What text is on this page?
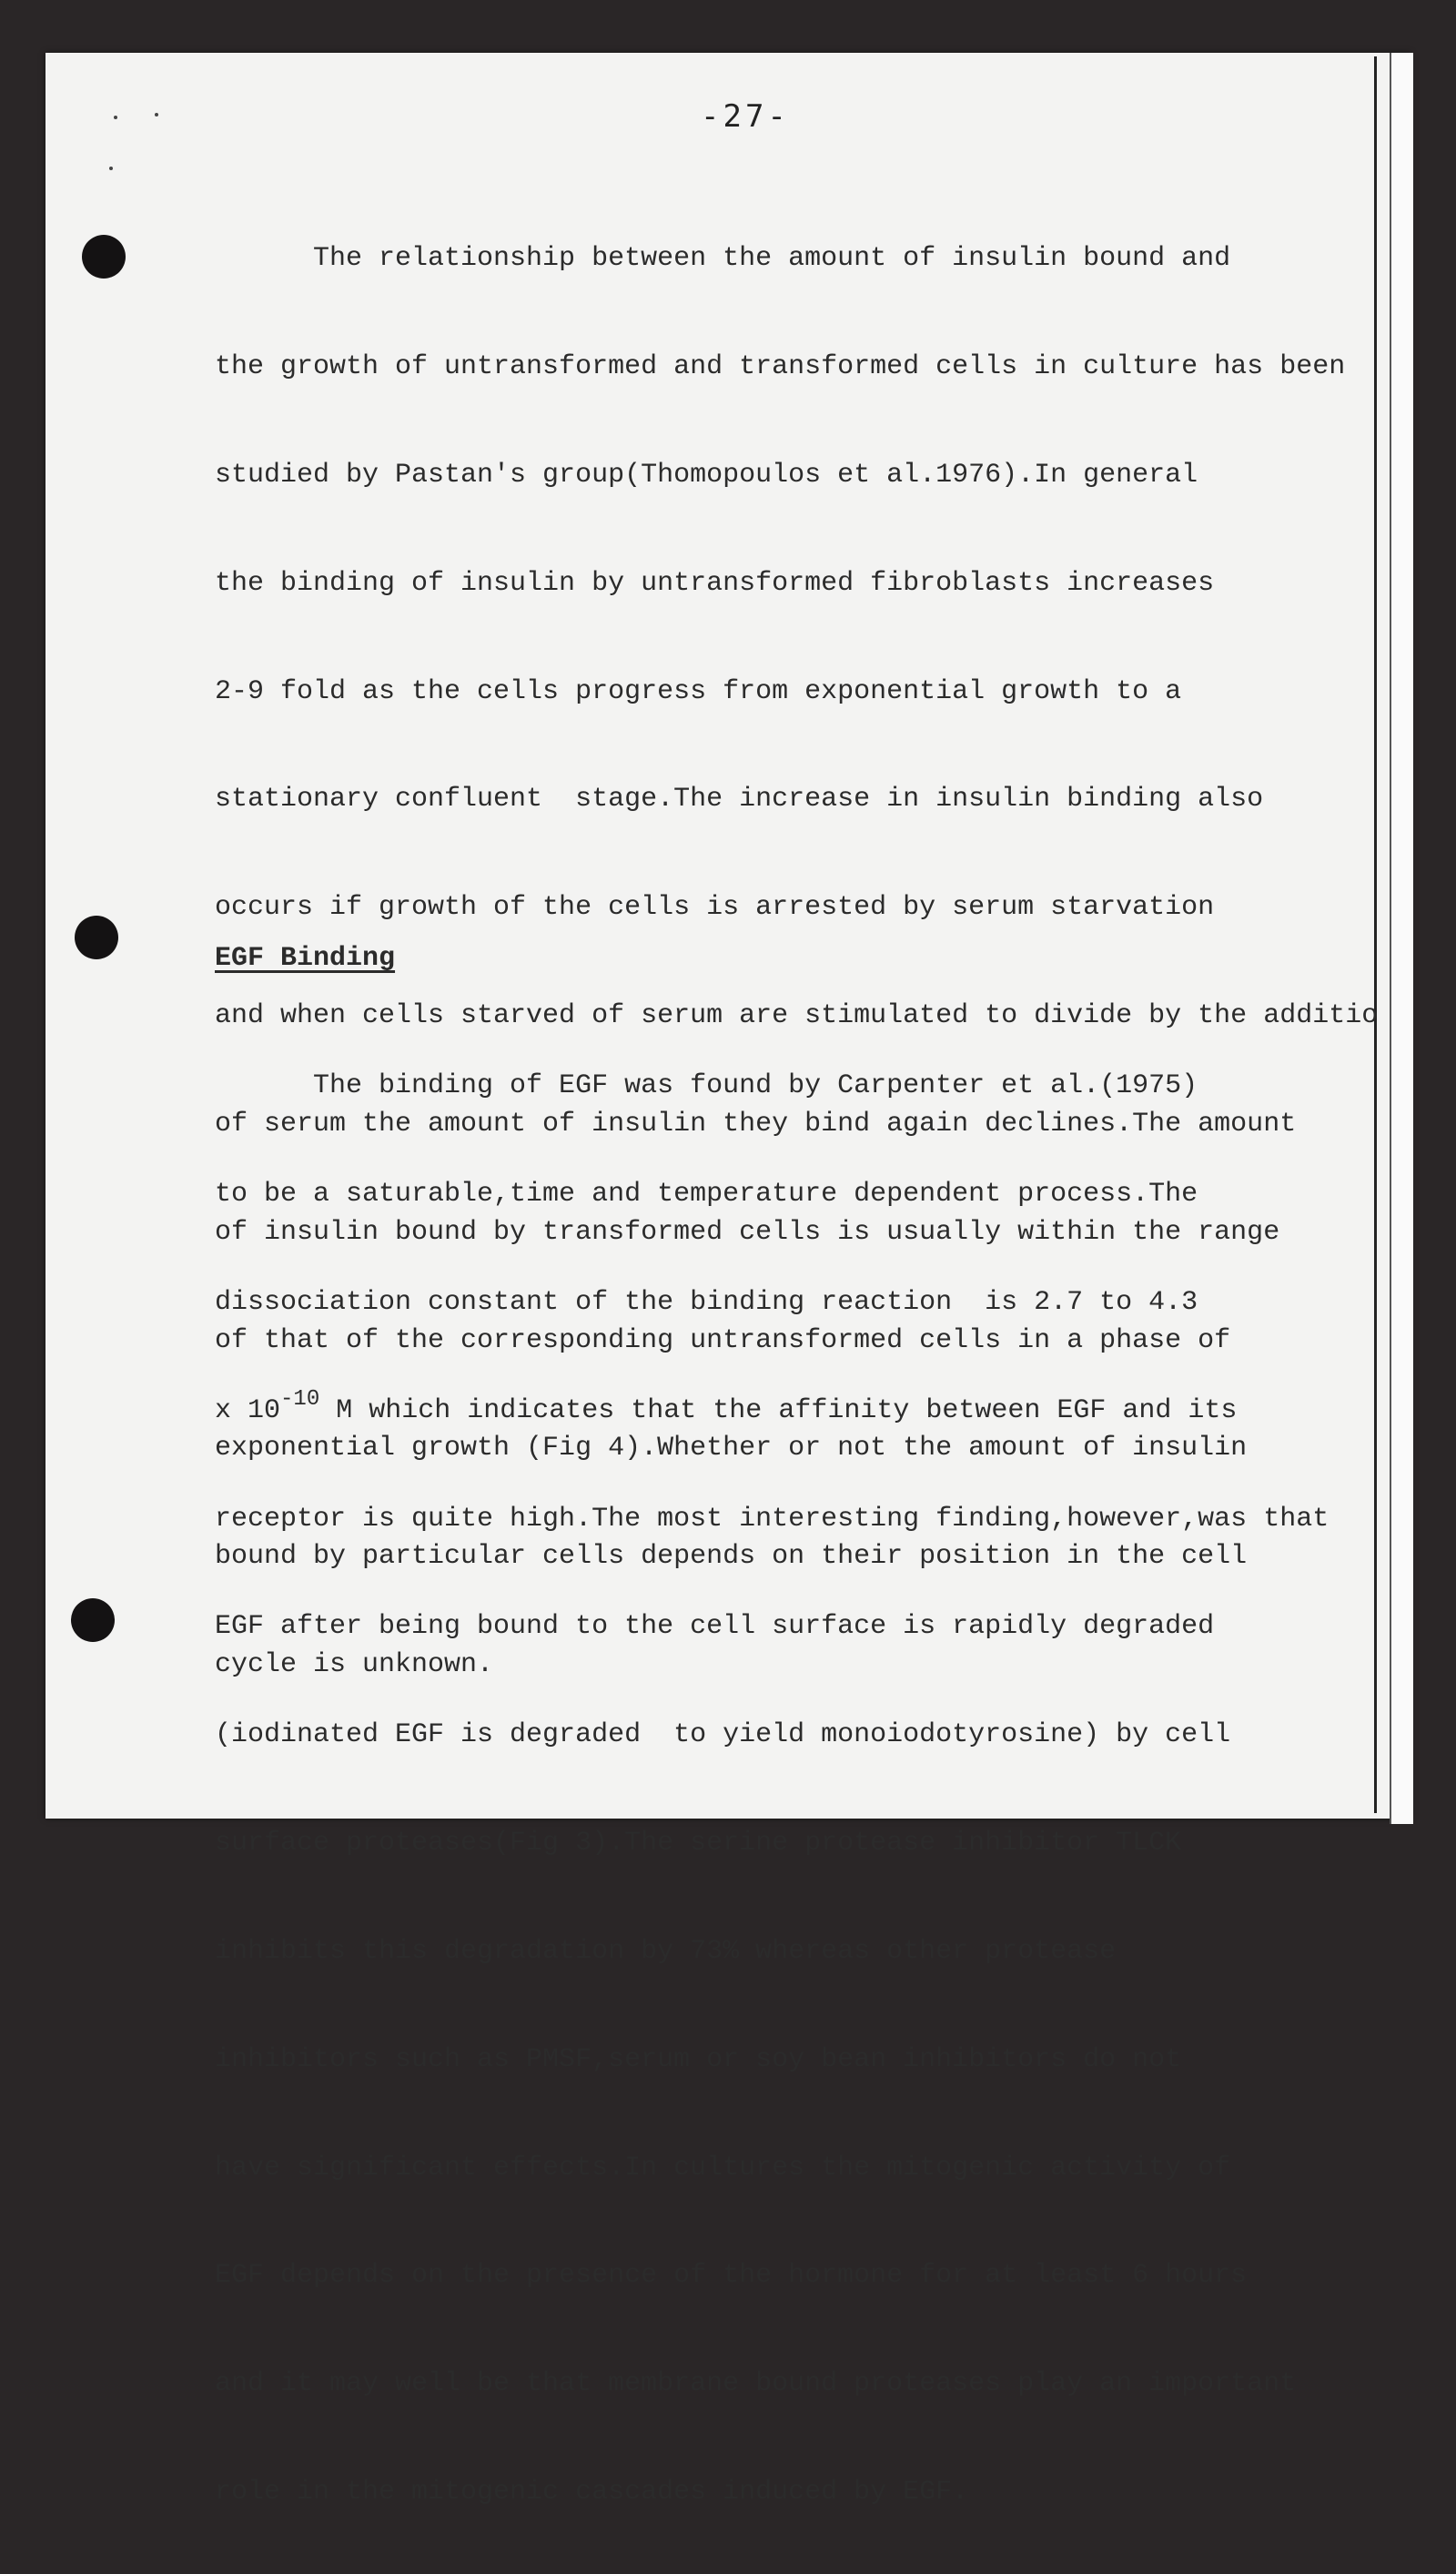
-27-

The relationship between the amount of insulin bound and

the growth of untransformed and transformed cells in culture has been

studied by Pastan's group(Thomopoulos et al.1976).In general

the binding of insulin by untransformed fibroblasts increases

2-9 fold as the cells progress from exponential growth to a

stationary confluent  stage.The increase in insulin binding also

occurs if growth of the cells is arrested by serum starvation

and when cells starved of serum are stimulated to divide by the additio

of serum the amount of insulin they bind again declines.The amount

of insulin bound by transformed cells is usually within the range

of that of the corresponding untransformed cells in a phase of

exponential growth (Fig 4).Whether or not the amount of insulin

bound by particular cells depends on their position in the cell

cycle is unknown.

EGF Binding

The binding of EGF was found by Carpenter et al.(1975)

to be a saturable,time and temperature dependent process.The

dissociation constant of the binding reaction  is 2.7 to 4.3

x $10^{-10}$ M which indicates that the affinity between EGF and its

receptor is quite high.The most interesting finding,however,was that

EGF after being bound to the cell surface is rapidly degraded

(iodinated EGF is degraded  to yield monoiodotyrosine) by cell

surface proteases(Fig 3).The serine protease inhibitor TLCK

inhibits this degradation by 73% whereas other protease

inhibitors such as PMSF,serum or soy bean inhibitors do not

have significant effects.In cultures the mitogenic activity of

EGF depends on the presence of the hormone for at least 6 hours

and it may well be that membrane bound proteases play an important

role in the mitogenic cascades induced by EGF.
